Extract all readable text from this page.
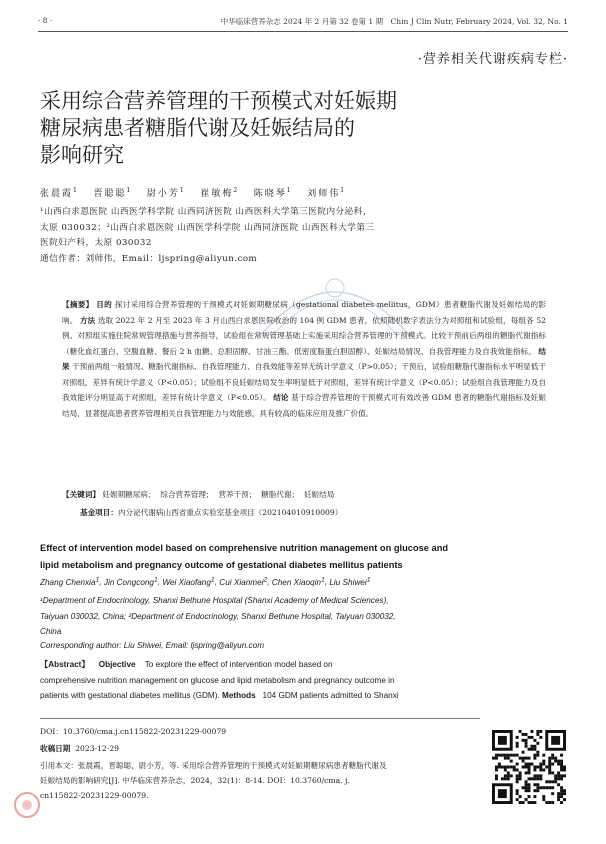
· 8 ·	中华临床营养杂志 2024 年 2 月第 32 卷第 1 期　Chin J Clin Nutr, February 2024, Vol. 32, No. 1
·营养相关代谢疾病专栏·
采用综合营养管理的干预模式对妊娠期
糖尿病患者糖脂代谢及妊娠结局的
影响研究
张晨霞$^1$ 晋聪聪$^1$ 尉小芳$^1$ 崔敏梅$^2$ 陈晓琴$^1$ 刘师伟$^1$
¹山西白求恩医院 山西医学科学院 山西同济医院 山西医科大学第三医院内分泌科，
太原 030032；²山西白求恩医院 山西医学科学院 山西同济医院 山西医科大学第三
医院妇产科，太原 030032
通信作者：刘师伟，Email：ljspring@aliyun.com
【摘要】 目的 探讨采用综合营养管理的干预模式对妊娠期糖尿病（gestational diabetes mellitus，GDM）患者糖脂代谢及妊娠结局的影响。 方法 选取 2022 年 2 月至 2023 年 3 月山西白求恩医院收治的 104 例 GDM 患者，依照随机数字表法分为对照组和试验组，每组各 52 例。对照组实施住院常规管理措施与营养指导，试验组在常规管理基础上实施采用综合营养管理的干预模式。比较干预前后两组的糖脂代谢指标（糖化血红蛋白、空腹血糖、餐后 2 h 血糖、总胆固醇、甘油三酯、低密度脂蛋白胆固醇）、妊娠结局情况、自我管理能力及自我效能指标。 结果 干预前两组一般情况、糖脂代谢指标、自我管理能力、自我效能等差异无统计学意义（P>0.05）；干预后，试验组糖脂代谢指标水平明显低于对照组，差异有统计学意义（P<0.05）；试验组不良妊娠结局发生率明显低于对照组，差异有统计学意义（P<0.05）；试验组自我管理能力及自我效能评分明显高于对照组，差异有统计学意义（P<0.05）。 结论 基于综合营养管理的干预模式可有效改善 GDM 患者的糖脂代谢指标及妊娠结局，显著提高患者营养管理相关自我管理能力与效能感，具有较高的临床应用及推广价值。
【关键词】 妊娠期糖尿病； 综合营养管理； 营养干预； 糖脂代谢； 妊娠结局
基金项目：内分泌代谢病山西省重点实验室基金项目（202104010910009）
Effect of intervention model based on comprehensive nutrition management on glucose and
lipid metabolism and pregnancy outcome of gestational diabetes mellitus patients
Zhang Chenxia$^1$, Jin Congcong$^1$, Wei Xiaofang$^1$, Cui Xianmei$^2$, Chen Xiaoqin$^1$, Liu Shiwei$^1$
¹Department of Endocrinology, Shanxi Bethune Hospital (Shanxi Academy of Medical Sciences),
Taiyuan 030032, China; ²Department of Endocrinology, Shanxi Bethune Hospital, Taiyuan 030032,
China
Corresponding author: Liu Shiwei, Email: ljspring@aliyun.com
【Abstract】 Objective To explore the effect of intervention model based on
comprehensive nutrition management on glucose and lipid metabolism and pregnancy outcome in
patients with gestational diabetes mellitus (GDM). Methods 104 GDM patients admitted to Shanxi
DOI：10.3760/cma.j.cn115822-20231229-00079
收稿日期 2023-12-29
引用本文：张晨霞，晋聪聪，尉小芳，等. 采用综合营养管理的干预模式对妊娠期糖尿病患者糖脂代谢及
妊娠结局的影响研究[J]. 中华临床营养杂志，2024，32(1)：8-14. DOI：10.3760/cma. j.
cn115822-20231229-00079.
